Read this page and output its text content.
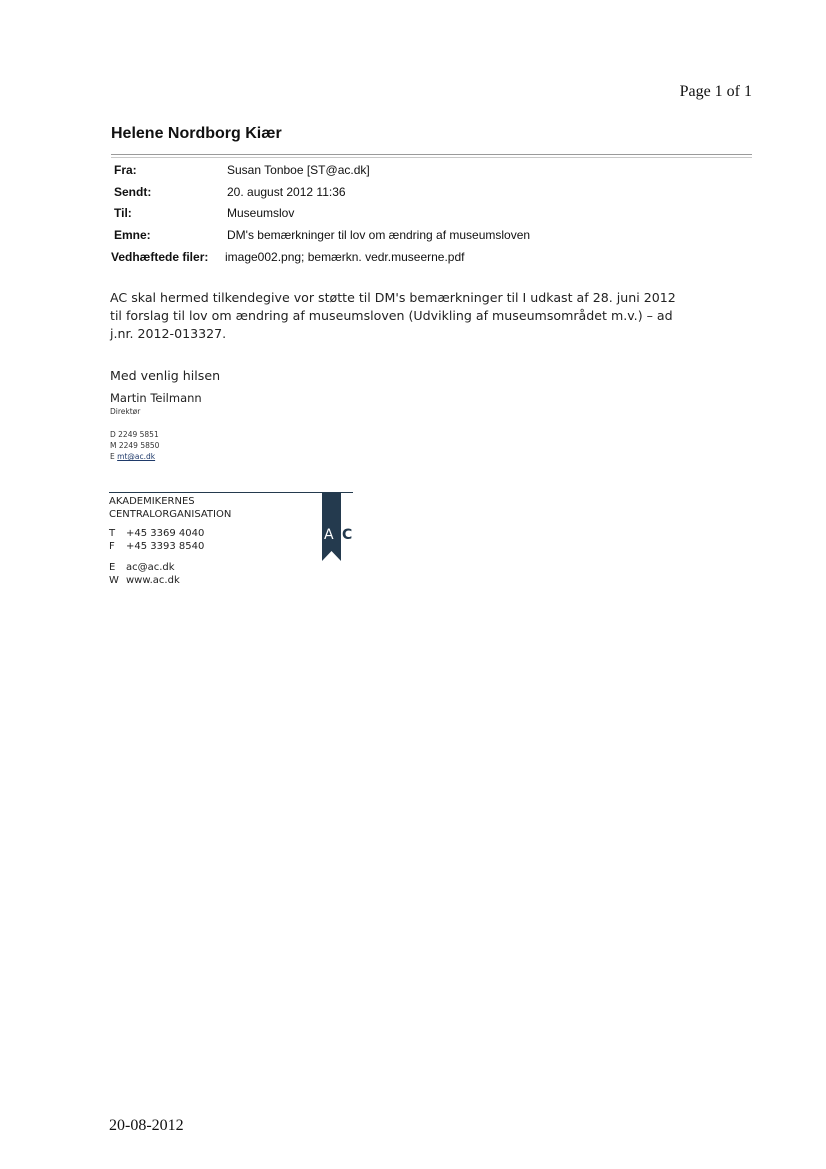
Page 1 of 1
Helene Nordborg Kiær
Fra:	Susan Tonboe [ST@ac.dk]
Sendt:	20. august 2012 11:36
Til:	Museumslov
Emne:	DM's bemærkninger til lov om ændring af museumsloven
Vedhæftede filer: image002.png; bemærkn. vedr.museerne.pdf
AC skal hermed tilkendegive vor støtte til DM's bemærkninger til I udkast af 28. juni 2012
til forslag til lov om ændring af museumsloven (Udvikling af museumsområdet m.v.) – ad
j.nr. 2012-013327.
Med venlig hilsen
Martin Teilmann
Direktør
D 2249 5851
M 2249 5850
E mt@ac.dk
AKADEMIKERNES
CENTRALORGANISATION
A C
T +45 3369 4040
F +45 3393 8540
E ac@ac.dk
W www.ac.dk
20-08-2012
